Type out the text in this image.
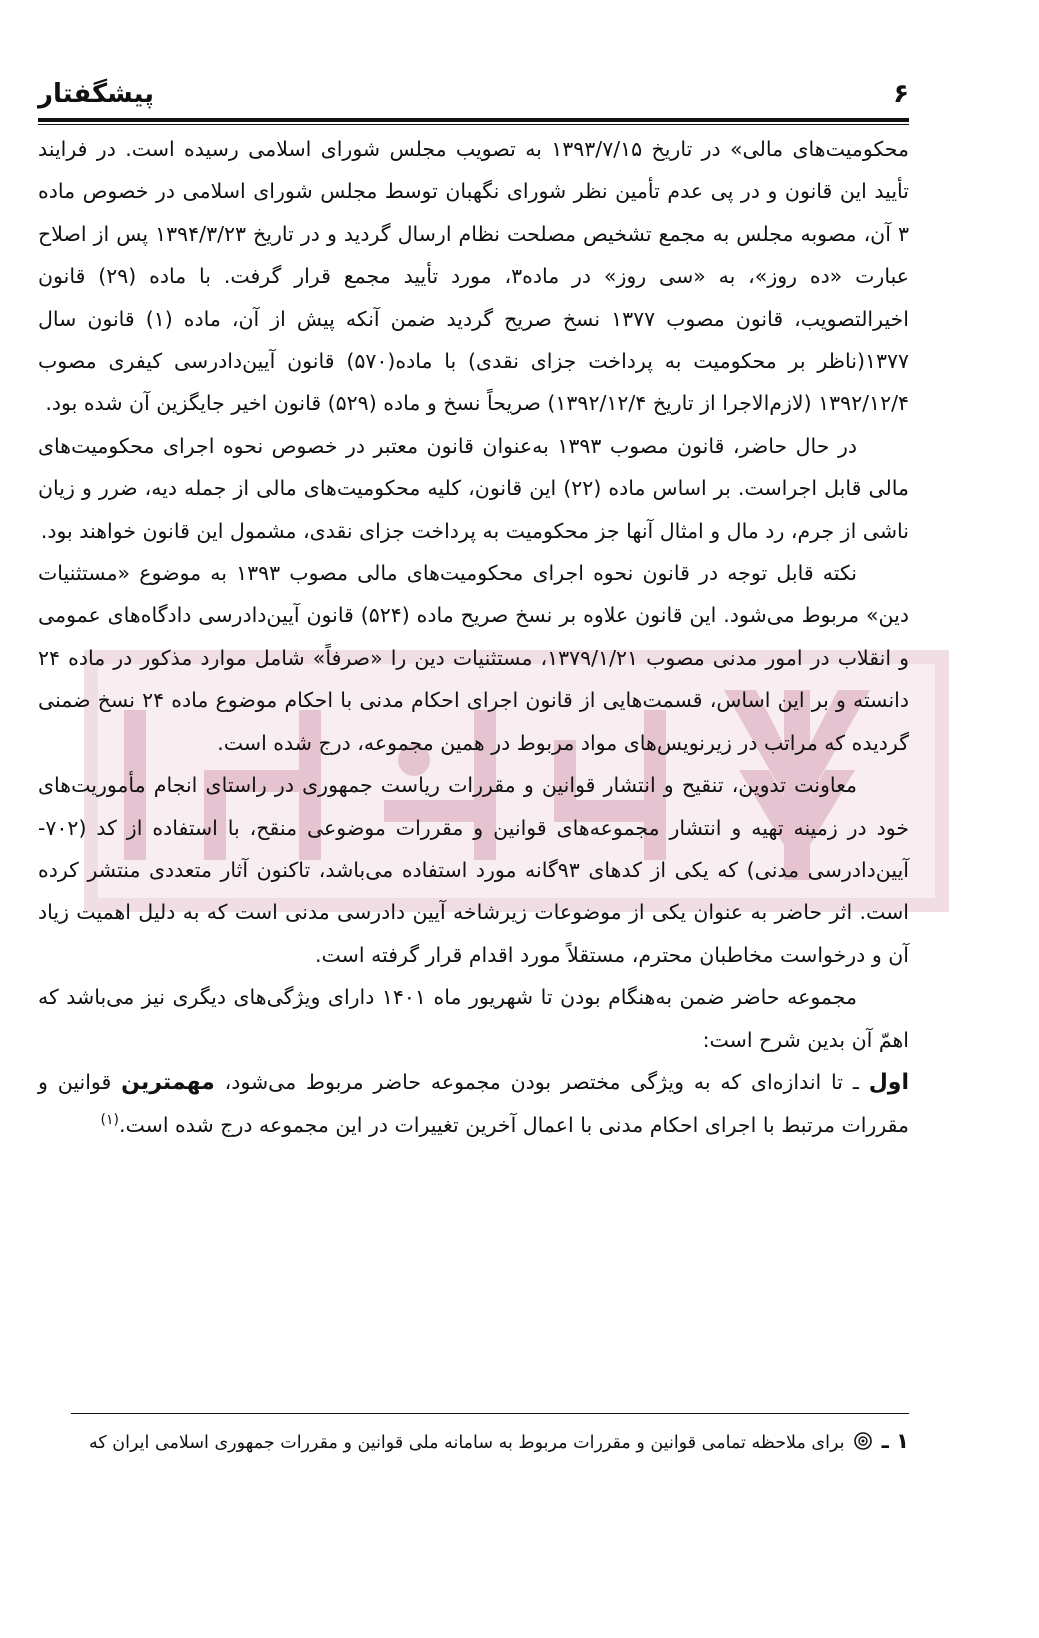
۶
پیشگفتار

محکومیت‌های مالی» در تاریخ ۱۳۹۳/۷/۱۵ به تصویب مجلس شورای اسلامی رسیده است. در فرایند تأیید این قانون و در پی عدم تأمین نظر شورای نگهبان توسط مجلس شورای اسلامی در خصوص ماده ۳ آن، مصوبه مجلس به مجمع تشخیص مصلحت نظام ارسال گردید و در تاریخ ۱۳۹۴/۳/۲۳ پس از اصلاح عبارت «ده روز»، به «سی روز» در ماده۳، مورد تأیید مجمع قرار گرفت. با ماده (۲۹) قانون اخیرالتصویب، قانون مصوب ۱۳۷۷ نسخ صریح گردید ضمن آنکه پیش از آن، ماده (۱) قانون سال ۱۳۷۷(ناظر بر محکومیت به پرداخت جزای نقدی) با ماده(۵۷۰) قانون آیین‌دادرسی کیفری مصوب ۱۳۹۲/۱۲/۴ (لازم‌الاجرا از تاریخ ۱۳۹۲/۱۲/۴) صریحاً نسخ و ماده (۵۲۹) قانون اخیر جایگزین آن شده بود.

در حال حاضر، قانون مصوب ۱۳۹۳ به‌عنوان قانون معتبر در خصوص نحوه اجرای محکومیت‌های مالی قابل اجراست. بر اساس ماده (۲۲) این قانون، کلیه محکومیت‌های مالی از جمله دیه، ضرر و زیان ناشی از جرم، رد مال و امثال آنها جز محکومیت به پرداخت جزای نقدی، مشمول این قانون خواهند بود.

نکته قابل توجه در قانون نحوه اجرای محکومیت‌های مالی مصوب ۱۳۹۳ به موضوع «مستثنیات دین» مربوط می‌شود. این قانون علاوه بر نسخ صریح ماده (۵۲۴) قانون آیین‌دادرسی دادگاه‌های عمومی و انقلاب در امور مدنی مصوب ۱۳۷۹/۱/۲۱، مستثنیات دین را «صرفاً» شامل موارد مذکور در ماده ۲۴ دانسته و بر این اساس، قسمت‌هایی از قانون اجرای احکام مدنی با احکام موضوع ماده ۲۴ نسخ ضمنی گردیده که مراتب در زیرنویس‌های مواد مربوط در همین مجموعه، درج شده است.

معاونت تدوین، تنقیح و انتشار قوانین و مقررات ریاست جمهوری در راستای انجام مأموریت‌های خود در زمینه تهیه و انتشار مجموعه‌های قوانین و مقررات موضوعی منقح، با استفاده از کد (۷۰۲- آیین‌دادرسی مدنی) که یکی از کدهای ۹۳گانه مورد استفاده می‌باشد، تاکنون آثار متعددی منتشر کرده است. اثر حاضر به عنوان یکی از موضوعات زیرشاخه آیین دادرسی مدنی است که به دلیل اهمیت زیاد آن و درخواست مخاطبان محترم، مستقلاً مورد اقدام قرار گرفته است.

مجموعه حاضر ضمن به‌هنگام بودن تا شهریور ماه ۱۴۰۱ دارای ویژگی‌های دیگری نیز می‌باشد که اهمّ آن بدین شرح است:

اول ـ تا اندازه‌ای که به ویژگی مختصر بودن مجموعه حاضر مربوط می‌شود، مهمترین قوانین و مقررات مرتبط با اجرای احکام مدنی با اعمال آخرین تغییرات در این مجموعه درج شده است.$^{(۱)}$

۱ ـ  برای ملاحظه تمامی قوانین و مقررات مربوط به سامانه ملی قوانین و مقررات جمهوری اسلامی ایران که
